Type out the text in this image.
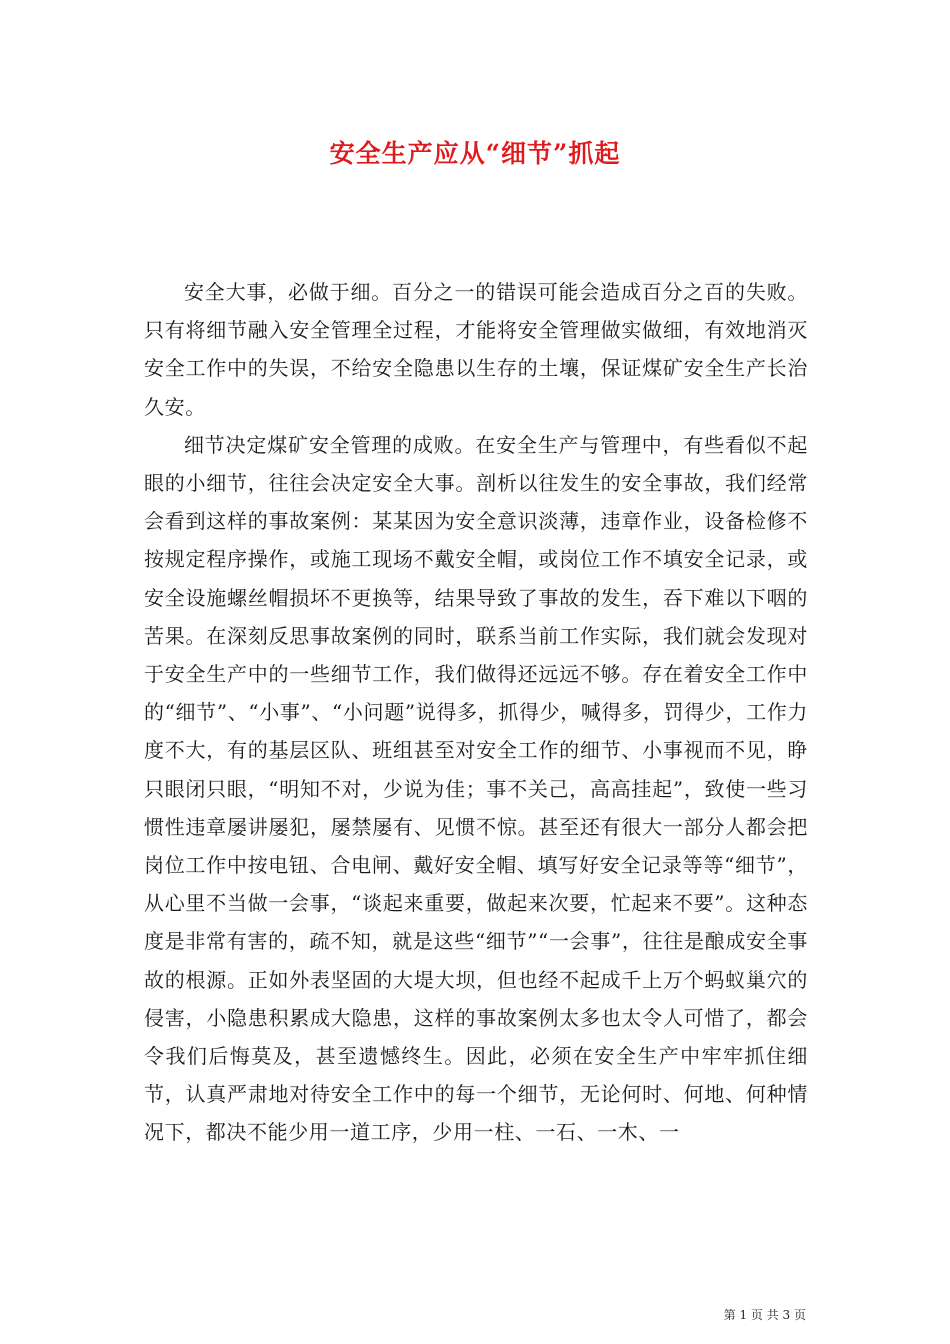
安全生产应从“细节”抓起

安全大事，必做于细。百分之一的错误可能会造成百分之百的失败。只有将细节融入安全管理全过程，才能将安全管理做实做细，有效地消灭安全工作中的失误，不给安全隐患以生存的土壤，保证煤矿安全生产长治久安。

细节决定煤矿安全管理的成败。在安全生产与管理中，有些看似不起眼的小细节，往往会决定安全大事。剖析以往发生的安全事故，我们经常会看到这样的事故案例：某某因为安全意识淡薄，违章作业，设备检修不按规定程序操作，或施工现场不戴安全帽，或岗位工作不填安全记录，或安全设施螺丝帽损坏不更换等，结果导致了事故的发生，吞下难以下咽的苦果。在深刻反思事故案例的同时，联系当前工作实际，我们就会发现对于安全生产中的一些细节工作，我们做得还远远不够。存在着安全工作中的“细节”、“小事”、“小问题”说得多，抓得少，喊得多，罚得少，工作力度不大，有的基层区队、班组甚至对安全工作的细节、小事视而不见，睁只眼闭只眼，“明知不对，少说为佳；事不关己，高高挂起”，致使一些习惯性违章屡讲屡犯，屡禁屡有、见惯不惊。甚至还有很大一部分人都会把岗位工作中按电钮、合电闸、戴好安全帽、填写好安全记录等等“细节”，从心里不当做一会事，“谈起来重要，做起来次要，忙起来不要”。这种态度是非常有害的，疏不知，就是这些“细节”“一会事”，往往是酿成安全事故的根源。正如外表坚固的大堤大坝，但也经不起成千上万个蚂蚁巢穴的侵害，小隐患积累成大隐患，这样的事故案例太多也太令人可惜了，都会令我们后悔莫及，甚至遗憾终生。因此，必须在安全生产中牢牢抓住细节，认真严肃地对待安全工作中的每一个细节，无论何时、何地、何种情况下，都决不能少用一道工序，少用一柱、一石、一木、一

第 1 页 共 3 页
